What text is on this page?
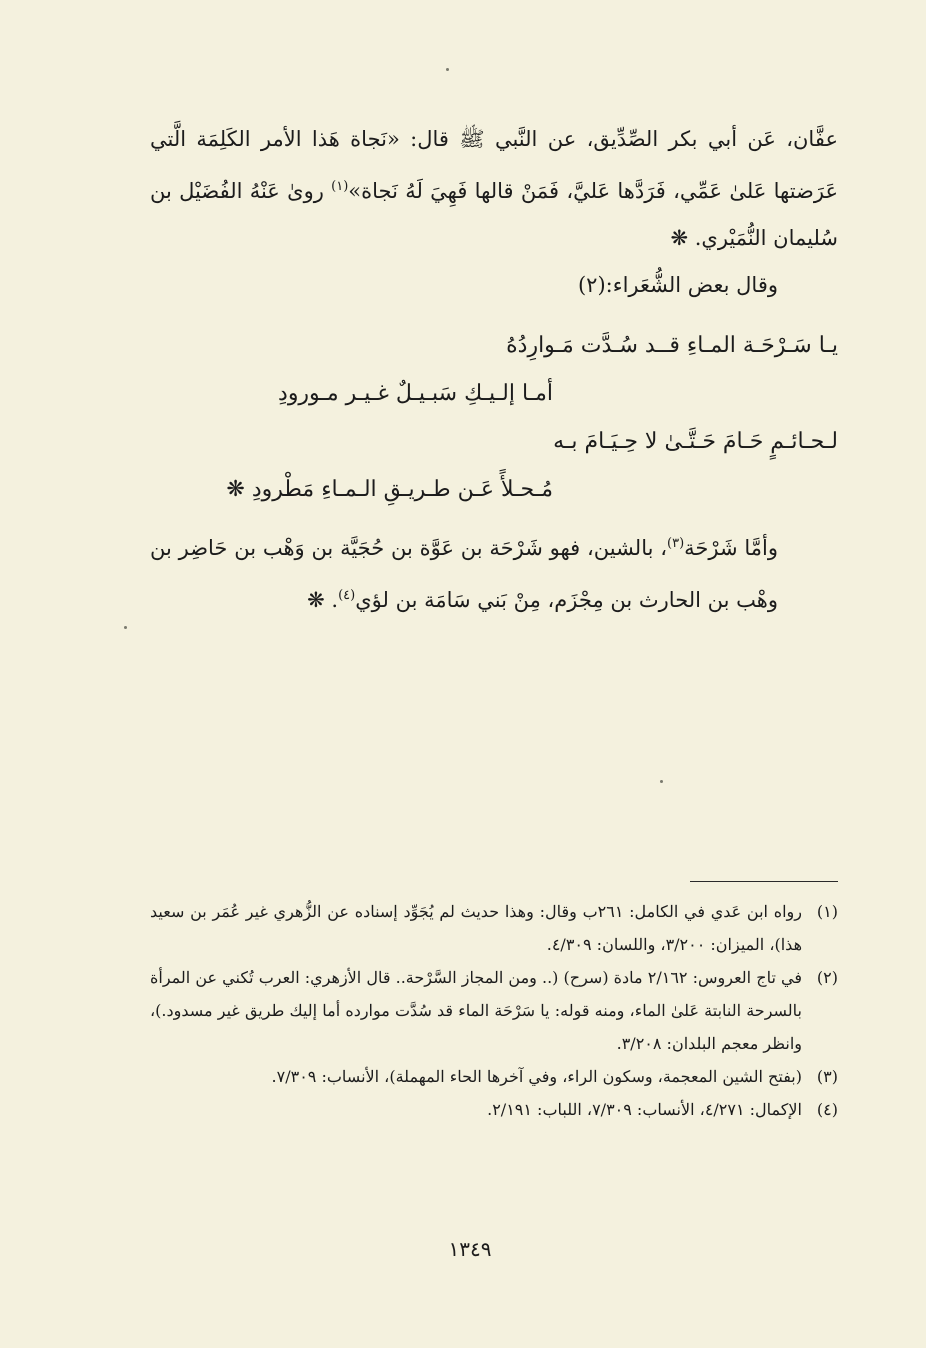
عفَّان، عَن أبي بكر الصِّدِّيق، عن النَّبي ﷺ قال: «نَجاة هَذا الأمر الكَلِمَة الَّتي عَرَضتها عَلىٰ عَمِّي، فَرَدَّها عَليَّ، فَمَنْ قالها فَهِيَ لَهُ نَجاة»$^{(١)}$ روىٰ عَنْهُ الفُضَيْل بن سُليمان النُّمَيْري. ❋

وقال بعض الشُّعَراء:(٢)

يـا سَـرْحَـة المـاءِ قــد سُـدَّت مَـوارِدُهُ
أمـا إلـيـكِ سَبـيـلٌ غـيـر مـورودِ
لـحـائـمٍ حَـامَ حَـتَّـىٰ لا حِـيَـامَ بـه
مُـحـلأً عَـن طـريـقِ الـمـاءِ مَطْرودِ ❋

وأمَّا شَرْحَة$^{(٣)}$، بالشين، فهو شَرْحَة بن عَوَّة بن حُجَيَّة بن وَهْب بن حَاضِر بن وهْب بن الحارث بن مِجْزَم، مِنْ بَني سَامَة بن لؤي$^{(٤)}$. ❋

(١)
رواه ابن عَدي في الكامل: ٢٦١ب وقال: وهذا حديث لم يُجَوِّد إسناده عن الزُّهري غير عُمَر بن سعيد هذا)، الميزان: ٣/٢٠٠، واللسان: ٤/٣٠٩.

(٢)
في تاج العروس: ٢/١٦٢ مادة (سرح) (.. ومن المجاز السَّرْحة.. قال الأزهري: العرب تُكني عن المرأة بالسرحة النابتة عَلىٰ الماء، ومنه قوله: يا سَرْحَة الماء قد سُدَّت موارده أما إليك طريق غير مسدود.)، وانظر معجم البلدان: ٣/٢٠٨.

(٣)
(بفتح الشين المعجمة، وسكون الراء، وفي آخرها الحاء المهملة)، الأنساب: ٧/٣٠٩.

(٤)
الإكمال: ٤/٢٧١، الأنساب: ٧/٣٠٩، اللباب: ٢/١٩١.

١٣٤٩
